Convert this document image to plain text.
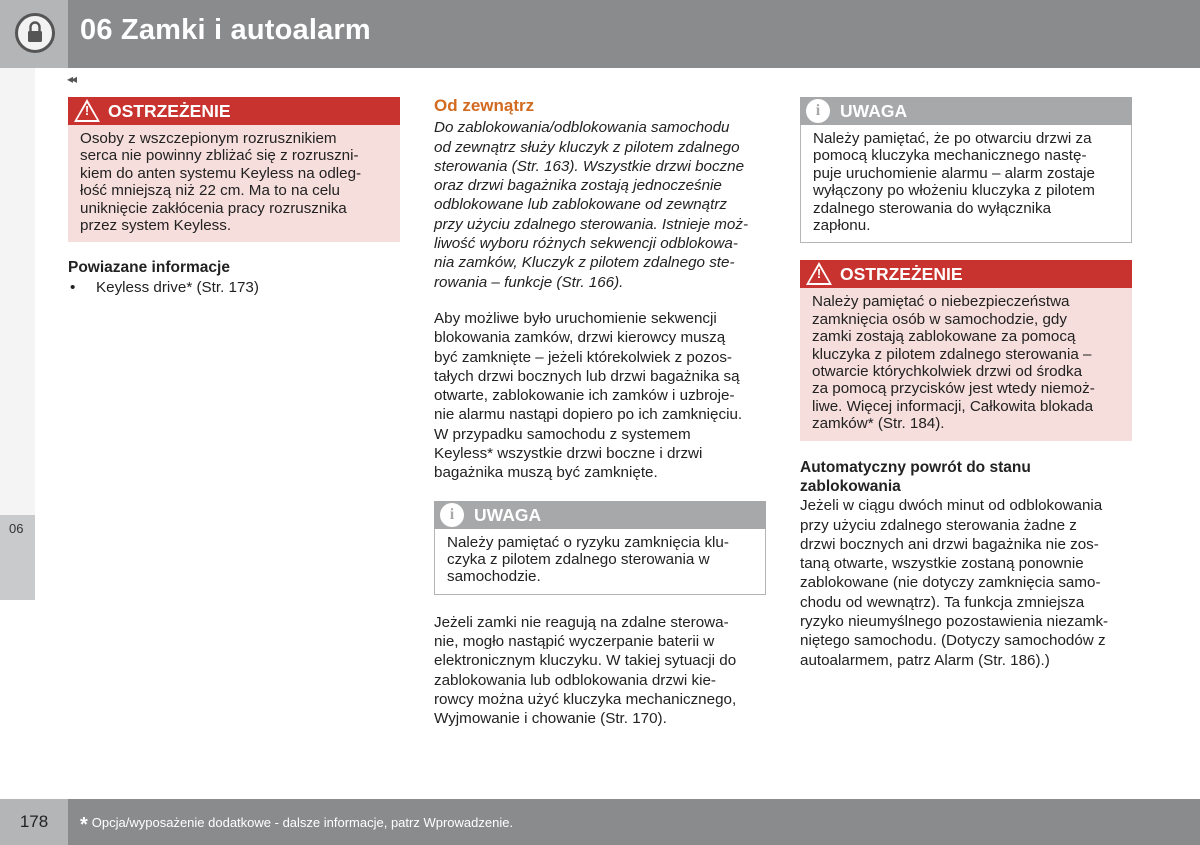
06 Zamki i autoalarm
◂◂
06
! OSTRZEŻENIE
Osoby z wszczepionym rozrusznikiem
serca nie powinny zbliżać się z rozruszni-
kiem do anten systemu Keyless na odleg-
łość mniejszą niż 22 cm. Ma to na celu
uniknięcie zakłócenia pracy rozrusznika
przez system Keyless.
Powiazane informacje
• Keyless drive* (Str. 173)
Od zewnątrz
Do zablokowania/odblokowania samochodu
od zewnątrz służy kluczyk z pilotem zdalnego
sterowania (Str. 163). Wszystkie drzwi boczne
oraz drzwi bagażnika zostają jednocześnie
odblokowane lub zablokowane od zewnątrz
przy użyciu zdalnego sterowania. Istnieje moż-
liwość wyboru różnych sekwencji odblokowa-
nia zamków, Kluczyk z pilotem zdalnego ste-
rowania – funkcje (Str. 166).
Aby możliwe było uruchomienie sekwencji
blokowania zamków, drzwi kierowcy muszą
być zamknięte – jeżeli którekolwiek z pozos-
tałych drzwi bocznych lub drzwi bagażnika są
otwarte, zablokowanie ich zamków i uzbroje-
nie alarmu nastąpi dopiero po ich zamknięciu.
W przypadku samochodu z systemem
Keyless* wszystkie drzwi boczne i drzwi
bagażnika muszą być zamknięte.
i	UWAGA
Należy pamiętać o ryzyku zamknięcia klu-
czyka z pilotem zdalnego sterowania w
samochodzie.
Jeżeli zamki nie reagują na zdalne sterowa-
nie, mogło nastąpić wyczerpanie baterii w
elektronicznym kluczyku. W takiej sytuacji do
zablokowania lub odblokowania drzwi kie-
rowcy można użyć kluczyka mechanicznego,
Wyjmowanie i chowanie (Str. 170).
i	UWAGA
Należy pamiętać, że po otwarciu drzwi za
pomocą kluczyka mechanicznego nastę-
puje uruchomienie alarmu – alarm zostaje
wyłączony po włożeniu kluczyka z pilotem
zdalnego sterowania do wyłącznika
zapłonu.
! OSTRZEŻENIE
Należy pamiętać o niebezpieczeństwa
zamknięcia osób w samochodzie, gdy
zamki zostają zablokowane za pomocą
kluczyka z pilotem zdalnego sterowania –
otwarcie którychkolwiek drzwi od środka
za pomocą przycisków jest wtedy niemoż-
liwe. Więcej informacji, Całkowita blokada
zamków* (Str. 184).
Automatyczny powrót do stanu
zablokowania
Jeżeli w ciągu dwóch minut od odblokowania
przy użyciu zdalnego sterowania żadne z
drzwi bocznych ani drzwi bagażnika nie zos-
taną otwarte, wszystkie zostaną ponownie
zablokowane (nie dotyczy zamknięcia samo-
chodu od wewnątrz). Ta funkcja zmniejsza
ryzyko nieumyślnego pozostawienia niezamk-
niętego samochodu. (Dotyczy samochodów z
autoalarmem, patrz Alarm (Str. 186).)
178	* Opcja/wyposażenie dodatkowe - dalsze informacje, patrz Wprowadzenie.
